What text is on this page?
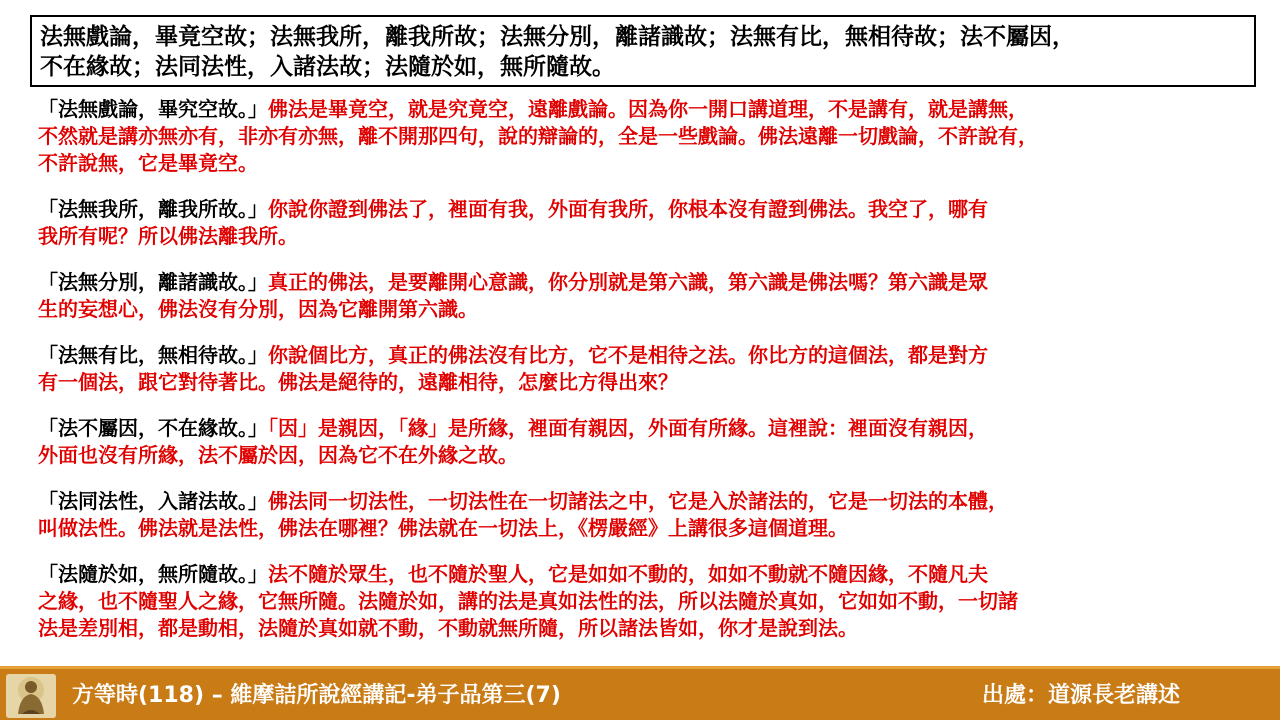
法無戲論，畢竟空故；法無我所，離我所故；法無分別，離諸識故；法無有比，無相待故；法不屬因，
不在緣故；法同法性，入諸法故；法隨於如，無所隨故。
「法無戲論，畢究空故。」佛法是畢竟空，就是究竟空，遠離戲論。因為你一開口講道理，不是講有，就是講無，
不然就是講亦無亦有，非亦有亦無，離不開那四句，說的辯論的，全是一些戲論。佛法遠離一切戲論，不許說有，
不許說無，它是畢竟空。
「法無我所，離我所故。」你說你證到佛法了，裡面有我，外面有我所，你根本沒有證到佛法。我空了，哪有
我所有呢？所以佛法離我所。
「法無分別，離諸識故。」真正的佛法，是要離開心意識，你分別就是第六識，第六識是佛法嗎？第六識是眾
生的妄想心，佛法沒有分別，因為它離開第六識。
「法無有比，無相待故。」你說個比方，真正的佛法沒有比方，它不是相待之法。你比方的這個法，都是對方
有一個法，跟它對待著比。佛法是絕待的，遠離相待，怎麼比方得出來？
「法不屬因，不在緣故。」「因」是親因，「緣」是所緣，裡面有親因，外面有所緣。這裡說：裡面沒有親因，
外面也沒有所緣，法不屬於因，因為它不在外緣之故。
「法同法性，入諸法故。」佛法同一切法性，一切法性在一切諸法之中，它是入於諸法的，它是一切法的本體，
叫做法性。佛法就是法性，佛法在哪裡？佛法就在一切法上，《楞嚴經》上講很多這個道理。
「法隨於如，無所隨故。」法不隨於眾生，也不隨於聖人，它是如如不動的，如如不動就不隨因緣，不隨凡夫
之緣，也不隨聖人之緣，它無所隨。法隨於如，講的法是真如法性的法，所以法隨於真如，它如如不動，一切諸
法是差別相，都是動相，法隨於真如就不動，不動就無所隨，所以諸法皆如，你才是說到法。
方等時(118) – 維摩詰所說經講記-弟子品第三(7)	出處：道源長老講述
